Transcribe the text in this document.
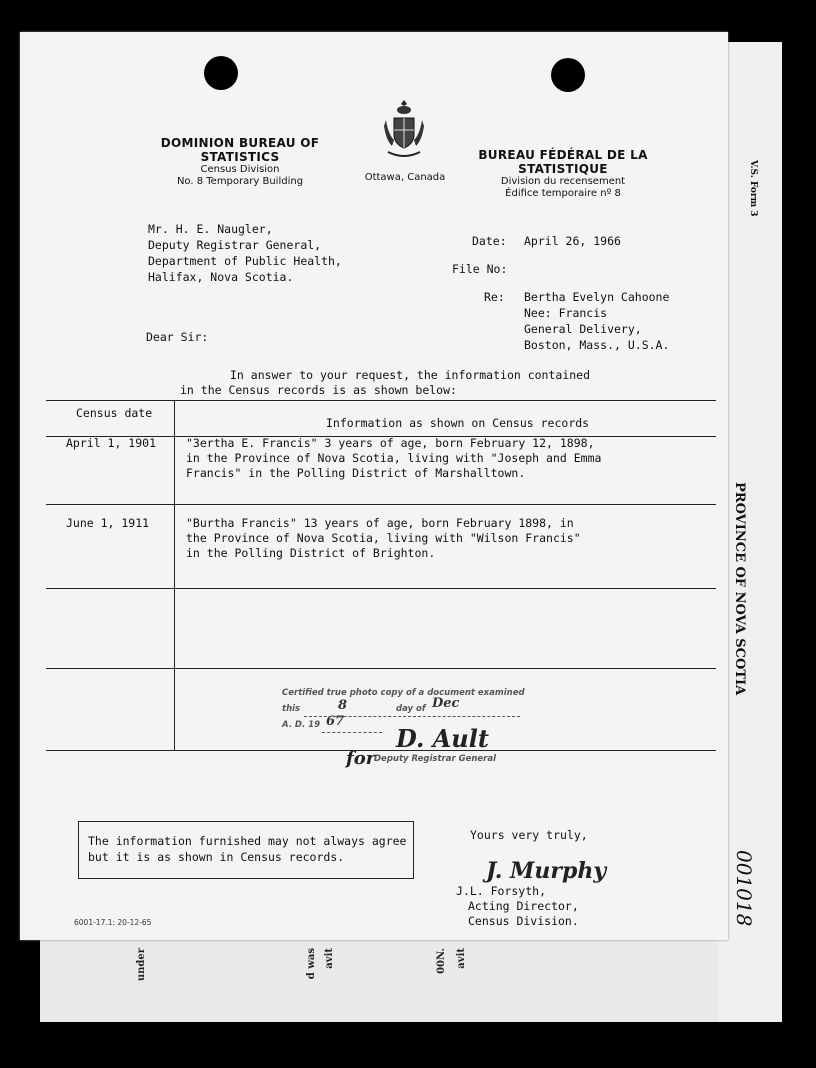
under	d was avit	00N. avit
V.S. Form 3
PROVINCE OF NOVA SCOTIA
001018
DOMINION BUREAU OF STATISTICS
Census Division
No. 8 Temporary Building	Ottawa, Canada
BUREAU FÉDÉRAL DE LA STATISTIQUE
Division du recensement
Édifice temporaire nº 8
Mr. H. E. Naugler,
Deputy Registrar General,
Department of Public Health,
Halifax, Nova Scotia.
Date: April 26, 1966
File No:
Re: Bertha Evelyn Cahoone
Nee: Francis
General Delivery,
Boston, Mass., U.S.A.
Dear Sir:
In answer to your request, the information contained
in the Census records is as shown below:
Census date
Information as shown on Census records
April 1, 1901	"3ertha E. Francis" 3 years of age, born February 12, 1898,
in the Province of Nova Scotia, living with "Joseph and Emma
Francis" in the Polling District of Marshalltown.
June 1, 1911	"Burtha Francis" 13 years of age, born February 1898, in
the Province of Nova Scotia, living with "Wilson Francis"
in the Polling District of Brighton.
Certified true photo copy of a document examined
this	8	day of Dec
A. D. 19 67
D. Ault
for
Deputy Registrar General
The information furnished may not always agree
but it is as shown in Census records.
Yours very truly,
J. Murphy
J.L. Forsyth,
Acting Director,
Census Division.
6001-17.1: 20-12-65
